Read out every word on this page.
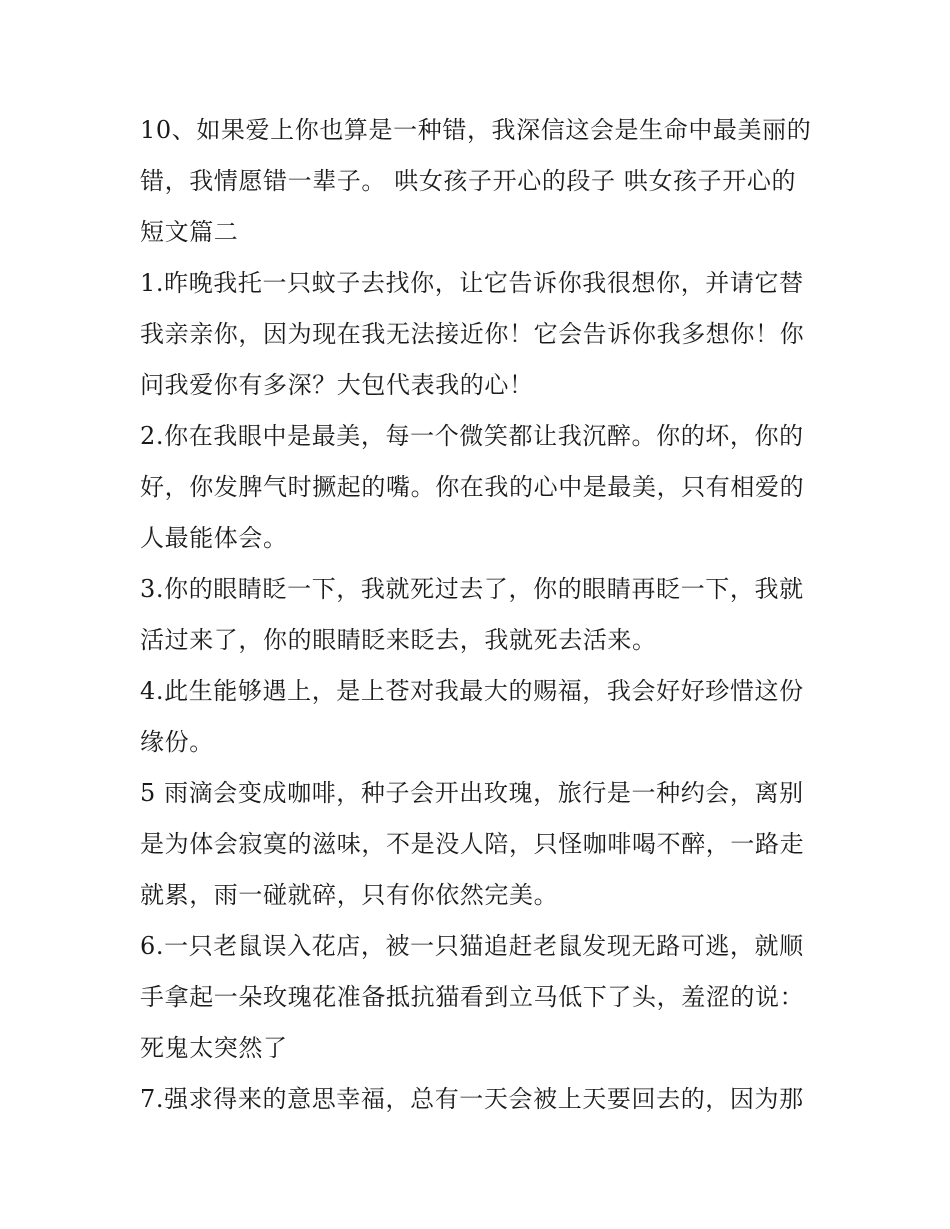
10、如果爱上你也算是一种错，我深信这会是生命中最美丽的
错，我情愿错一辈子。 哄女孩子开心的段子 哄女孩子开心的
短文篇二
1.昨晚我托一只蚊子去找你，让它告诉你我很想你，并请它替
我亲亲你，因为现在我无法接近你！它会告诉你我多想你！你
问我爱你有多深？大包代表我的心！
2.你在我眼中是最美，每一个微笑都让我沉醉。你的坏，你的
好，你发脾气时撅起的嘴。你在我的心中是最美，只有相爱的
人最能体会。
3.你的眼睛眨一下，我就死过去了，你的眼睛再眨一下，我就
活过来了，你的眼睛眨来眨去，我就死去活来。
4.此生能够遇上，是上苍对我最大的赐福，我会好好珍惜这份
缘份。
5 雨滴会变成咖啡，种子会开出玫瑰，旅行是一种约会，离别
是为体会寂寞的滋味，不是没人陪，只怪咖啡喝不醉，一路走
就累，雨一碰就碎，只有你依然完美。
6.一只老鼠误入花店，被一只猫追赶老鼠发现无路可逃，就顺
手拿起一朵玫瑰花准备抵抗猫看到立马低下了头，羞涩的说：
死鬼太突然了
7.强求得来的意思幸福，总有一天会被上天要回去的，因为那
